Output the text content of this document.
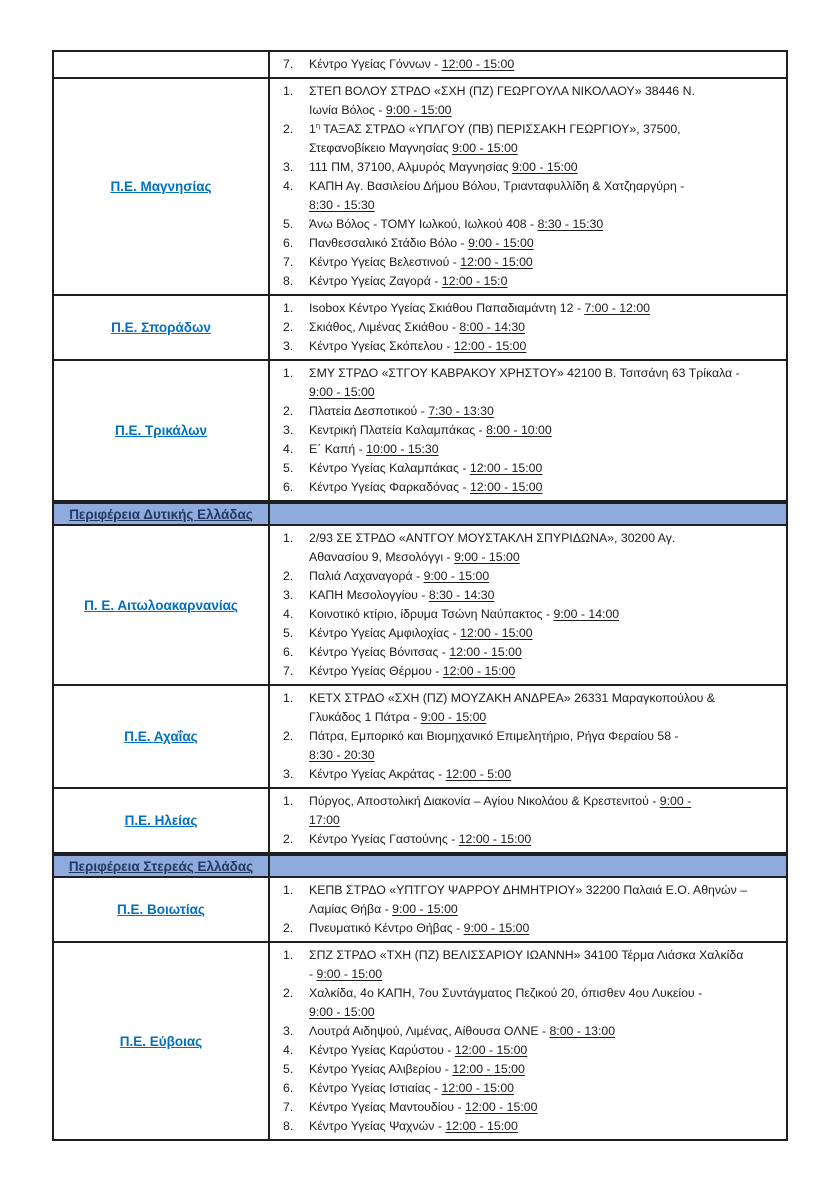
7.	Κέντρο Υγείας Γόννων - 12:00 - 15:00
Π.Ε. Μαγνησίας
1.	ΣΤΕΠ ΒΟΛΟΥ ΣΤΡΔΟ «ΣΧΗ (ΠΖ) ΓΕΩΡΓΟΥΛΑ ΝΙΚΟΛΑΟΥ» 38446 Ν.
Ιωνία Βόλος - 9:00 - 15:00
2.	$1^\eta$ ΤΑΞΑΣ ΣΤΡΔΟ «ΥΠΛΓΟΥ (ΠΒ) ΠΕΡΙΣΣΑΚΗ ΓΕΩΡΓΙΟΥ», 37500,
Στεφανοβίκειο Μαγνησίας 9:00 - 15:00
3.	111 ΠΜ, 37100, Αλμυρός Μαγνησίας 9:00 - 15:00
4.	ΚΑΠΗ Αγ. Βασιλείου Δήμου Βόλου, Τριανταφυλλίδη & Χατζηαργύρη -
8:30 - 15:30
5.	Άνω Βόλος - ΤΟΜΥ Ιωλκού, Ιωλκού 408 - 8:30 - 15:30
6.	Πανθεσσαλικό Στάδιο Βόλο - 9:00 - 15:00
7.	Κέντρο Υγείας Βελεστινού - 12:00 - 15:00
8.	Κέντρο Υγείας Ζαγορά - 12:00 - 15:0
Π.Ε. Σποράδων
1.	Isobox Κέντρο Υγείας Σκιάθου Παπαδιαμάντη 12 - 7:00 - 12:00
2.	Σκιάθος, Λιμένας Σκιάθου - 8:00 - 14:30
3.	Κέντρο Υγείας Σκόπελου - 12:00 - 15:00
Π.Ε. Τρικάλων
1.	ΣΜΥ ΣΤΡΔΟ «ΣΤΓΟΥ ΚΑΒΡΑΚΟΥ ΧΡΗΣΤΟΥ» 42100 Β. Τσιτσάνη 63 Τρίκαλα -
9:00 - 15:00
2.	Πλατεία Δεσποτικού - 7:30 - 13:30
3.	Κεντρική Πλατεία Καλαμπάκας - 8:00 - 10:00
4.	Ε΄ Καπή - 10:00 - 15:30
5.	Κέντρο Υγείας Καλαμπάκας - 12:00 - 15:00
6.	Κέντρο Υγείας Φαρκαδόνας - 12:00 - 15:00
Περιφέρεια Δυτικής Ελλάδας
Π. Ε. Αιτωλοακαρνανίας
1.	2/93 ΣΕ ΣΤΡΔΟ «ΑΝΤΓΟΥ ΜΟΥΣΤΑΚΛΗ ΣΠΥΡΙΔΩΝΑ», 30200 Αγ.
Αθανασίου 9, Μεσολόγγι - 9:00 - 15:00
2.	Παλιά Λαχαναγορά - 9:00 - 15:00
3.	ΚΑΠΗ Μεσολογγίου - 8:30 - 14:30
4.	Κοινοτικό κτίριο, ίδρυμα Τσώνη Ναύπακτος - 9:00 - 14:00
5.	Κέντρο Υγείας Αμφιλοχίας - 12:00 - 15:00
6.	Κέντρο Υγείας Βόνιτσας - 12:00 - 15:00
7.	Κέντρο Υγείας Θέρμου - 12:00 - 15:00
Π.Ε. Αχαΐας
1.	ΚΕΤΧ ΣΤΡΔΟ «ΣΧΗ (ΠΖ) ΜΟΥΖΑΚΗ ΑΝΔΡΕΑ» 26331 Μαραγκοπούλου &
Γλυκάδος 1 Πάτρα - 9:00 - 15:00
2.	Πάτρα, Εμπορικό και Βιομηχανικό Επιμελητήριο, Ρήγα Φεραίου 58 -
8:30 - 20:30
3.	Κέντρο Υγείας Ακράτας - 12:00 - 5:00
Π.Ε. Ηλείας
1.	Πύργος, Αποστολική Διακονία – Αγίου Νικολάου & Κρεστενιτού - 9:00 -
17:00
2.	Κέντρο Υγείας Γαστούνης - 12:00 - 15:00
Περιφέρεια Στερεάς Ελλάδας
Π.Ε. Βοιωτίας
1.	ΚΕΠΒ ΣΤΡΔΟ «ΥΠΤΓΟΥ ΨΑΡΡΟΥ ΔΗΜΗΤΡΙΟΥ» 32200 Παλαιά Ε.Ο. Αθηνών –
Λαμίας Θήβα - 9:00 - 15:00
2.	Πνευματικό Κέντρο Θήβας - 9:00 - 15:00
Π.Ε. Εύβοιας
1.	ΣΠΖ ΣΤΡΔΟ «ΤΧΗ (ΠΖ) ΒΕΛΙΣΣΑΡΙΟΥ ΙΩΑΝΝΗ» 34100 Τέρμα Λιάσκα Χαλκίδα
- 9:00 - 15:00
2.	Χαλκίδα, 4ο ΚΑΠΗ, 7ου Συντάγματος Πεζικού 20, όπισθεν 4ου Λυκείου -
9:00 - 15:00
3.	Λουτρά Αιδηψού, Λιμένας, Αίθουσα ΟΛΝΕ - 8:00 - 13:00
4.	Κέντρο Υγείας Καρύστου - 12:00 - 15:00
5.	Κέντρο Υγείας Αλιβερίου - 12:00 - 15:00
6.	Κέντρο Υγείας Ιστιαίας - 12:00 - 15:00
7.	Κέντρο Υγείας Μαντουδίου - 12:00 - 15:00
8.	Κέντρο Υγείας Ψαχνών - 12:00 - 15:00
